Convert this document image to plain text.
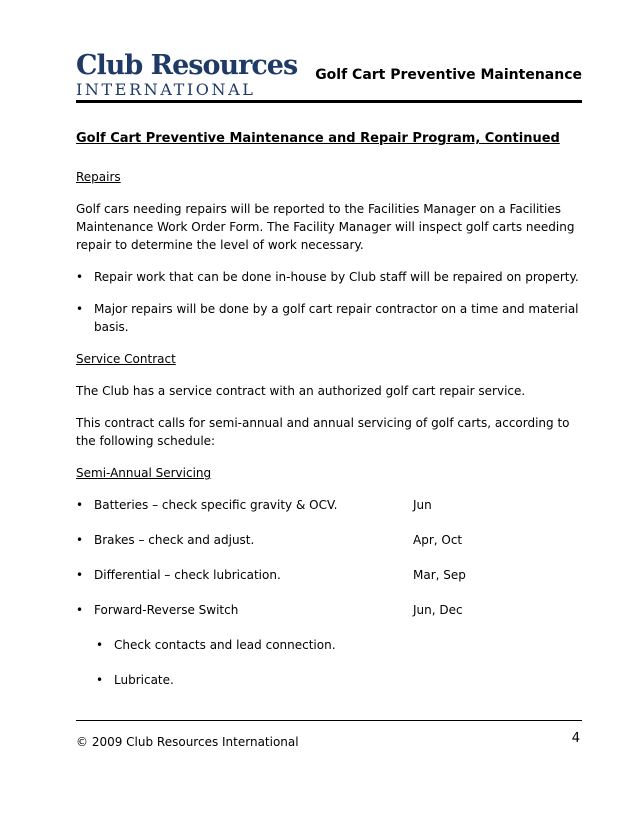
Club Resources
INTERNATIONAL
Golf Cart Preventive Maintenance
Golf Cart Preventive Maintenance and Repair Program, Continued
Repairs
Golf cars needing repairs will be reported to the Facilities Manager on a Facilities Maintenance Work Order Form. The Facility Manager will inspect golf carts needing repair to determine the level of work necessary.
• Repair work that can be done in-house by Club staff will be repaired on property.
• Major repairs will be done by a golf cart repair contractor on a time and material basis.
Service Contract
The Club has a service contract with an authorized golf cart repair service.
This contract calls for semi-annual and annual servicing of golf carts, according to the following schedule:
Semi-Annual Servicing
• Batteries – check specific gravity & OCV.	Jun
• Brakes – check and adjust.	Apr, Oct
• Differential – check lubrication.	Mar, Sep
• Forward-Reverse Switch	Jun, Dec
• Check contacts and lead connection.
• Lubricate.
© 2009 Club Resources International	4
